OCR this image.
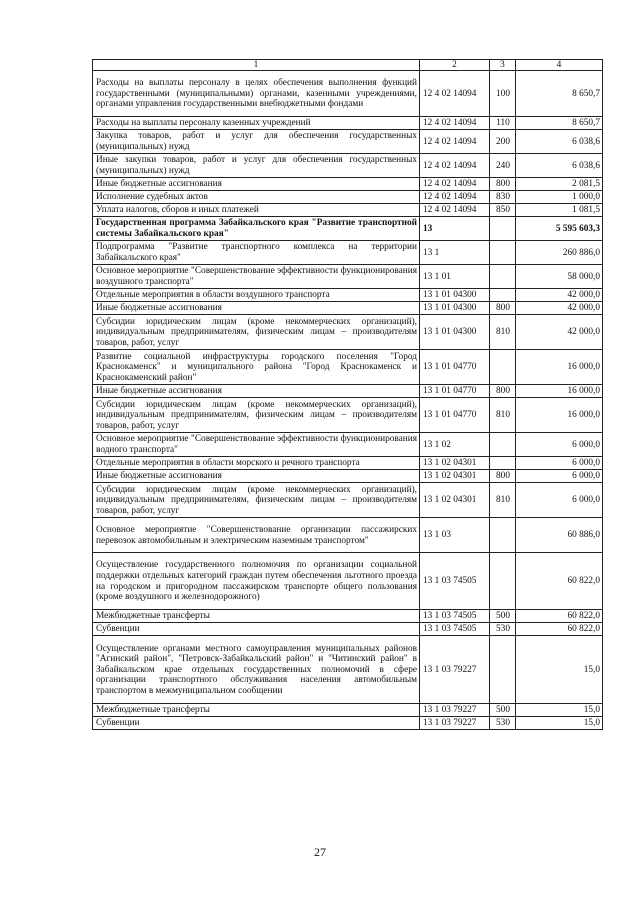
1	2	3	4
Расходы на выплаты персоналу в целях обеспечения выполнения функций государственными (муниципальными) органами, казенными учреждениями, органами управления государственными внебюджетными фондами	12 4 02 14094	100	8 650,7
Расходы на выплаты персоналу казенных учреждений	12 4 02 14094	110	8 650,7
Закупка товаров, работ и услуг для обеспечения государственных (муниципальных) нужд	12 4 02 14094	200	6 038,6
Иные закупки товаров, работ и услуг для обеспечения государственных (муниципальных) нужд	12 4 02 14094	240	6 038,6
Иные бюджетные ассигнования	12 4 02 14094	800	2 081,5
Исполнение судебных актов	12 4 02 14094	830	1 000,0
Уплата налогов, сборов и иных платежей	12 4 02 14094	850	1 081,5
Государственная программа Забайкальского края "Развитие транспортной системы Забайкальского края"	13		5 595 603,3
Подпрограмма "Развитие транспортного комплекса на территории Забайкальского края"	13 1		260 886,0
Основное мероприятие "Совершенствование эффективности функционирования воздушного транспорта"	13 1 01		58 000,0
Отдельные мероприятия в области воздушного транспорта	13 1 01 04300		42 000,0
Иные бюджетные ассигнования	13 1 01 04300	800	42 000,0
Субсидии юридическим лицам (кроме некоммерческих организаций), индивидуальным предпринимателям, физическим лицам – производителям товаров, работ, услуг	13 1 01 04300	810	42 000,0
Развитие социальной инфраструктуры городского поселения "Город Краснокаменск" и муниципального района "Город Краснокаменск и Краснокаменский район"	13 1 01 04770		16 000,0
Иные бюджетные ассигнования	13 1 01 04770	800	16 000,0
Субсидии юридическим лицам (кроме некоммерческих организаций), индивидуальным предпринимателям, физическим лицам – производителям товаров, работ, услуг	13 1 01 04770	810	16 000,0
Основное мероприятие "Совершенствование эффективности функционирования водного транспорта"	13 1 02		6 000,0
Отдельные мероприятия в области морского и речного транспорта	13 1 02 04301		6 000,0
Иные бюджетные ассигнования	13 1 02 04301	800	6 000,0
Субсидии юридическим лицам (кроме некоммерческих организаций), индивидуальным предпринимателям, физическим лицам – производителям товаров, работ, услуг	13 1 02 04301	810	6 000,0
Основное мероприятие "Совершенствование организации пассажирских перевозок автомобильным и электрическим наземным транспортом"	13 1 03		60 886,0
Осуществление государственного полномочия по организации социальной поддержки отдельных категорий граждан путем обеспечения льготного проезда на городском и пригородном пассажирском транспорте общего пользования (кроме воздушного и железнодорожного)	13 1 03 74505		60 822,0
Межбюджетные трансферты	13 1 03 74505	500	60 822,0
Субвенции	13 1 03 74505	530	60 822,0
Осуществление органами местного самоуправления муниципальных районов "Агинский район", "Петровск-Забайкальский район" и "Читинский район" в Забайкальском крае отдельных государственных полномочий в сфере организации транспортного обслуживания населения автомобильным транспортом в межмуниципальном сообщении	13 1 03 79227		15,0
Межбюджетные трансферты	13 1 03 79227	500	15,0
Субвенции	13 1 03 79227	530	15,0
27
